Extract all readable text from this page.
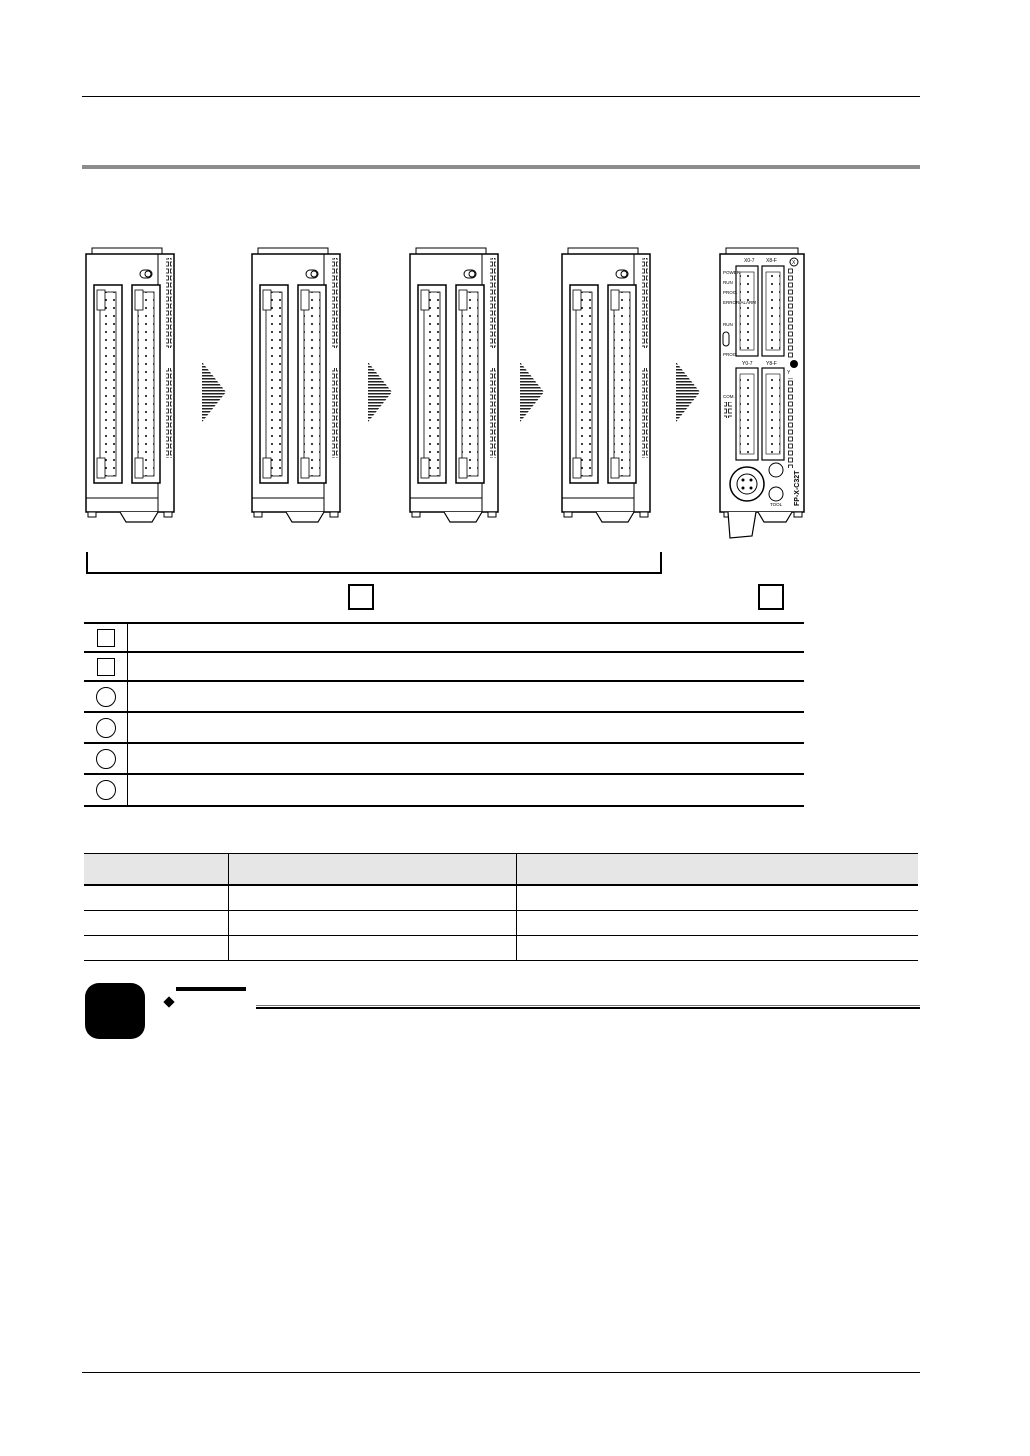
X0-7 X8-F	X
POWER
RUN
PROG.
ERROR/ALARM
RUN
PROG.
Y
Y0-7	Y8-F
COM.
TOOL FP-X-C32T
